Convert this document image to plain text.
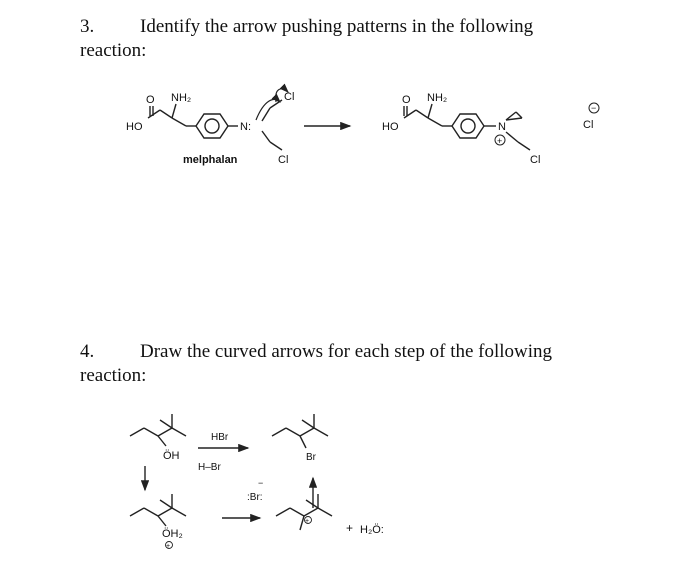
3. Identify the arrow pushing patterns in the following
reaction:
4. Draw the curved arrows for each step of the following
reaction:
O NH₂
HO	N:
Cl
Cl
melphalan
O NH₂
HO	N
+
Cl
Cl
−
ÖH
HBr
H–Br
Br
:Br:
−
ÖH₂
+
+	+ H₂Ö:
